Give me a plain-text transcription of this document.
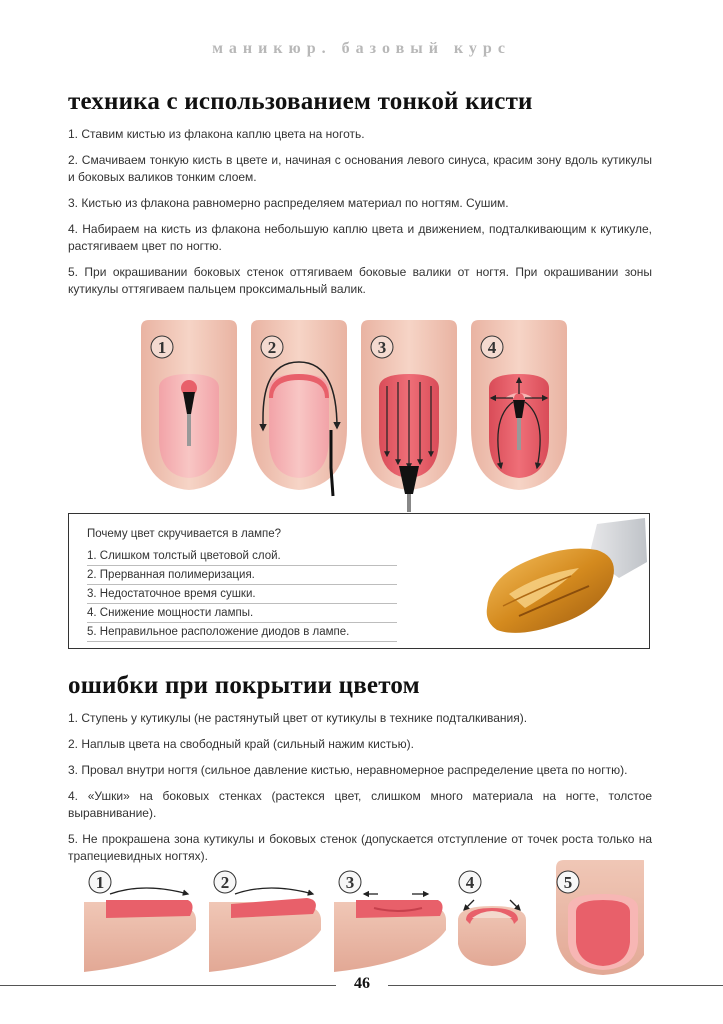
маникюр. базовый курс
техника с использованием тонкой кисти

1. Ставим кистью из флакона каплю цвета на ноготь.

2. Смачиваем тонкую кисть в цвете и, начиная с основания левого синуса, красим зону вдоль кутикулы и боковых валиков тонким слоем.

3. Кистью из флакона равномерно распределяем материал по ногтям. Сушим.

4. Набираем на кисть из флакона небольшую каплю цвета и движением, подталкивающим к кутикуле, растягиваем цвет по ногтю.

5. При окрашивании боковых стенок оттягиваем боковые валики от ногтя. При окрашивании зоны кутикулы оттягиваем пальцем проксимальный валик.

1	2	3	4
Почему цвет скручивается в лампе?
1. Слишком толстый цветовой слой.
2. Прерванная полимеризация.
3. Недостаточное время сушки.
4. Снижение мощности лампы.
5. Неправильное расположение диодов в лампе.
ошибки при покрытии цветом

1. Ступень у кутикулы (не растянутый цвет от кутикулы в технике подталкивания).

2. Наплыв цвета на свободный край (сильный нажим кистью).

3. Провал внутри ногтя (сильное давление кистью, неравномерное распределение цвета по ногтю).

4. «Ушки» на боковых стенках (растекся цвет, слишком много материала на ногте, толстое выравнивание).

5. Не прокрашена зона кутикулы и боковых стенок (допускается отступление от точек роста только на трапециевидных ногтях).

1	2	3	4	5
46
